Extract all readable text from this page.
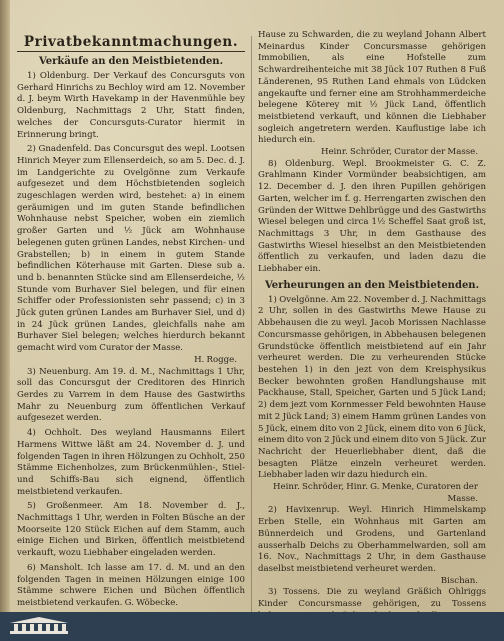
Privatbekanntmachungen.
Verkäufe an den Meistbietenden.

1) Oldenburg. Der Verkauf des Concursguts von Gerhard Hinrichs zu Bechloy wird am 12. November d. J. beym Wirth Havekamp in der Havenmühle bey Oldenburg, Nachmittags 2 Uhr, Statt finden, welches der Concursguts-Curator hiermit in Erinnerung bringt.

2) Gnadenfeld. Das Concursgut des wepl. Lootsen Hinrich Meyer zum Ellenserdeich, so am 5. Dec. d. J. im Landgerichte zu Ovelgönne zum Verkaufe aufgesezet und dem Höchstbietenden sogleich zugeschlagen werden wird, bestehet: a) in einem geräumigen und im guten Stande befindlichen Wohnhause nebst Speicher, woben ein ziemlich großer Garten und ½ Jück am Wohnhause belegenen guten grünen Landes, nebst Kirchen- und Grabstellen; b) in einem in gutem Stande befindlichen Köterhause mit Garten. Diese sub a. und b. benannten Stücke sind am Ellenserdeiche, ½ Stunde vom Burhaver Siel belegen, und für einen Schiffer oder Professionisten sehr passend; c) in 3 Jück guten grünen Landes am Burhaver Siel, und d) in 24 Jück grünen Landes, gleichfalls nahe am Burhaver Siel belegen; welches hierdurch bekannt gemacht wird vom Curator der Masse.

H. Rogge.

3) Neuenburg. Am 19. d. M., Nachmittags 1 Uhr, soll das Concursgut der Creditoren des Hinrich Gerdes zu Varrem in dem Hause des Gastwirths Mahr zu Neuenburg zum öffentlichen Verkauf aufgesezet werden.

4) Ochholt. Des weyland Hausmanns Eilert Harmens Wittwe läßt am 24. November d. J. und folgenden Tagen in ihren Hölzungen zu Ochholt, 250 Stämme Eichenholzes, zum Brückenmühlen-, Stiel- und Schiffs-Bau sich eignend, öffentlich meistbietend verkaufen.

5) Großenmeer. Am 18. November d. J., Nachmittags 1 Uhr, werden in Folten Büsche an der Moorseite 120 Stück Eichen auf dem Stamm, auch einige Eichen und Birken, öffentlich meistbietend verkauft, wozu Liebhaber eingeladen werden.

6) Mansholt. Ich lasse am 17. d. M. und an den folgenden Tagen in meinen Hölzungen einige 100 Stämme schwere Eichen und Büchen öffentlich meistbietend verkaufen. G. Wöbecke.

Hause zu Schwarden, die zu weyland Johann Albert Meinardus Kinder Concursmasse gehörigen Immobilien, als eine Hofstelle zum Schwardreihenteiche mit 38 Jück 107 Ruthen 8 Fuß Länderenen, 95 Ruthen Land ehmals von Lüdcken angekaufte und ferner eine am Strohhammerdeiche belegene Köterey mit ½ Jück Land, öffentlich meistbietend verkauft, und können die Liebhaber sogleich angetretern werden. Kauflustige labe ich hiedurch ein.

Heinr. Schröder, Curator der Masse.

8) Oldenburg. Wepl. Brookmeister G. C. Z. Grahlmann Kinder Vormünder beabsichtigen, am 12. December d. J. den ihren Pupillen gehörigen Garten, welcher im f. g. Herrengarten zwischen den Gründen der Wittwe Dehlbrügge und des Gastwirths Wiesel belegen und circa 1½ Scheffel Saat groß ist, Nachmittags 3 Uhr, in dem Gasthause des Gastwirths Wiesel hieselbst an den Meistbietenden öffentlich zu verkaufen, und laden dazu die Liebhaber ein.

Verheurungen an den Meistbietenden.

1) Ovelgönne. Am 22. November d. J. Nachmittags 2 Uhr, sollen in des Gastwirths Mewe Hause zu Abbehausen die zu weyl. Jacob Morissen Nachlasse Concursmasse gehörigen, in Abbehausen belegenen Grundstücke öffentlich meistbietend auf ein Jahr verheuret werden. Die zu verheurenden Stücke bestehen 1) in den jezt von dem Kreisphysikus Becker bewohnten großen Handlungshause mit Packhause, Stall, Speicher, Garten und 5 Jück Land; 2) dem jezt vom Kornmesser Feld bewohnten Hause mit 2 Jück Land; 3) einem Hamm grünen Landes von 5 Jück, einem dito von 2 Jück, einem dito von 6 Jück, einem dito von 2 Jück und einem dito von 5 Jück. Zur Nachricht der Heuerliebhaber dient, daß die besagten Plätze einzeln verheuret werden. Liebhaber laden wir dazu hiedurch ein.

Heinr. Schröder, Hinr. G. Menke, Curatoren der Masse.

2) Havixenrup. Weyl. Hinrich Himmelskamp Erben Stelle, ein Wohnhaus mit Garten am Bünnerdeich und Grodens, und Gartenland ausserhalb Deichs zu Oberhammelwarden, soll am 16. Nov., Nachmittags 2 Uhr, in dem Gasthause daselbst meistbietend verheuret werden.

Bischan.

3) Tossens. Die zu weyland Gräßich Ohlriggs Kinder Concursmasse gehörigen, zu Tossens
